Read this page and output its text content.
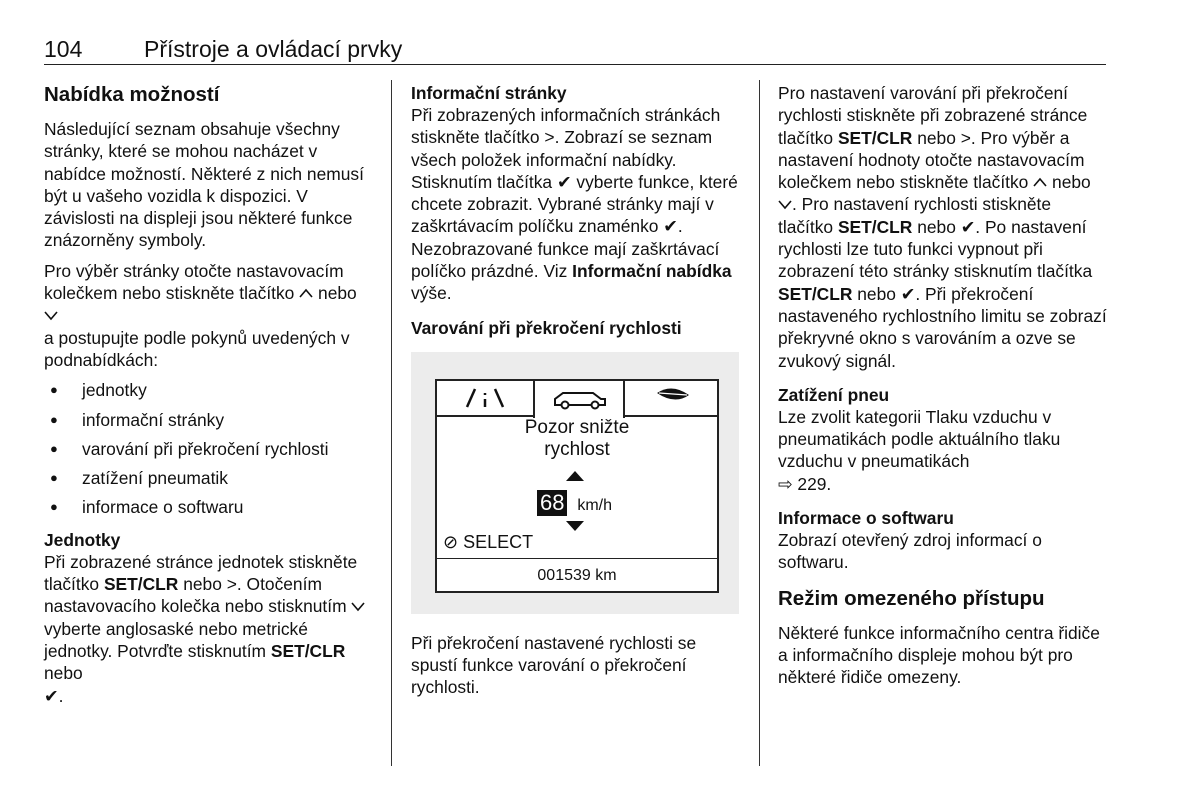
104	Přístroje a ovládací prvky
Nabídka možností

Následující seznam obsahuje všechny stránky, které se mohou nacházet v nabídce možností. Některé z nich nemusí být u vašeho vozidla k dispozici. V závislosti na displeji jsou některé funkce znázorněny symboly.

Pro výběr stránky otočte nastavovacím kolečkem nebo stiskněte tlačítko nebo
a postupujte podle pokynů uvedených v podnabídkách:

● jednotky
● informační stránky
● varování při překročení rychlosti
● zatížení pneumatik
● informace o softwaru
Jednotky

Při zobrazené stránce jednotek stiskněte tlačítko SET/CLR nebo >. Otočením nastavovacího kolečka nebo stisknutím  vyberte anglosaské nebo metrické jednotky. Potvrďte stisknutím SET/CLR nebo
✔.

Informační stránky

Při zobrazených informačních stránkách stiskněte tlačítko >. Zobrazí se seznam všech položek informační nabídky. Stisknutím tlačítka ✔ vyberte funkce, které chcete zobrazit. Vybrané stránky mají v zaškrtávacím políčku znaménko ✔. Nezobrazované funkce mají zaškrtávací políčko prázdné. Viz Informační nabídka výše.

Varování při překročení rychlosti
Pozor snižte
rychlost
68 km/h
⊘ SELECT
001539 km

Při překročení nastavené rychlosti se spustí funkce varování o překročení rychlosti.

Pro nastavení varování při překročení rychlosti stiskněte při zobrazené stránce tlačítko SET/CLR nebo >. Pro výběr a nastavení hodnoty otočte nastavovacím kolečkem nebo stiskněte tlačítko nebo . Pro nastavení rychlosti stiskněte tlačítko SET/CLR nebo ✔. Po nastavení rychlosti lze tuto funkci vypnout při zobrazení této stránky stisknutím tlačítka SET/CLR nebo ✔. Při překročení nastaveného rychlostního limitu se zobrazí překryvné okno s varováním a ozve se zvukový signál.

Zatížení pneu

Lze zvolit kategorii Tlaku vzduchu v pneumatikách podle aktuálního tlaku vzduchu v pneumatikách
⇨ 229.

Informace o softwaru

Zobrazí otevřený zdroj informací o softwaru.

Režim omezeného přístupu

Některé funkce informačního centra řidiče a informačního displeje mohou být pro některé řidiče omezeny.
